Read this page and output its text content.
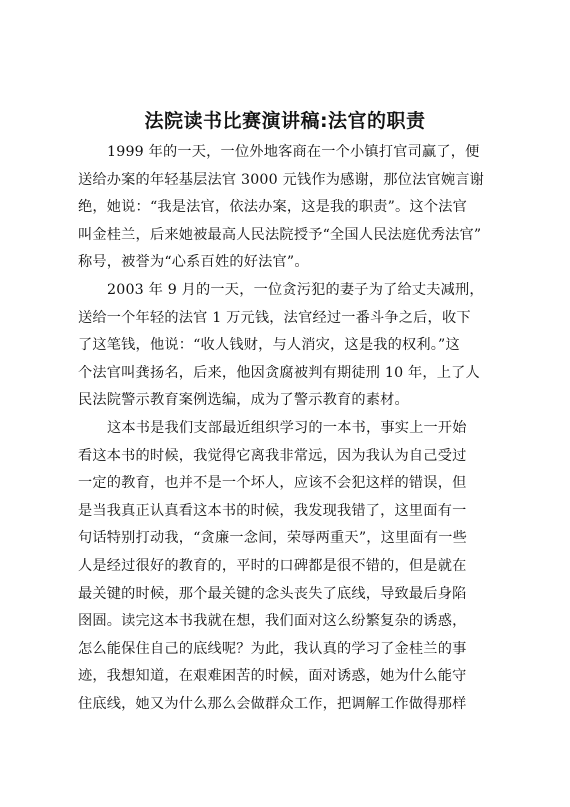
法院读书比赛演讲稿:法官的职责
1999 年的一天，一位外地客商在一个小镇打官司赢了，便
送给办案的年轻基层法官 3000 元钱作为感谢，那位法官婉言谢
绝，她说：“我是法官，依法办案，这是我的职责”。这个法官
叫金桂兰，后来她被最高人民法院授予“全国人民法庭优秀法官”
称号，被誉为“心系百姓的好法官”。
2003 年 9 月的一天，一位贪污犯的妻子为了给丈夫减刑，
送给一个年轻的法官 1 万元钱，法官经过一番斗争之后，收下
了这笔钱，他说：“收人钱财，与人消灾，这是我的权利。”这
个法官叫龚扬名，后来，他因贪腐被判有期徒刑 10 年，上了人
民法院警示教育案例选编，成为了警示教育的素材。
这本书是我们支部最近组织学习的一本书，事实上一开始
看这本书的时候，我觉得它离我非常远，因为我认为自己受过
一定的教育，也并不是一个坏人，应该不会犯这样的错误，但
是当我真正认真看这本书的时候，我发现我错了，这里面有一
句话特别打动我，“贪廉一念间，荣辱两重天”，这里面有一些
人是经过很好的教育的，平时的口碑都是很不错的，但是就在
最关键的时候，那个最关键的念头丧失了底线，导致最后身陷
囹圄。读完这本书我就在想，我们面对这么纷繁复杂的诱惑，
怎么能保住自己的底线呢？为此，我认真的学习了金桂兰的事
迹，我想知道，在艰难困苦的时候，面对诱惑，她为什么能守
住底线，她又为什么那么会做群众工作，把调解工作做得那样
